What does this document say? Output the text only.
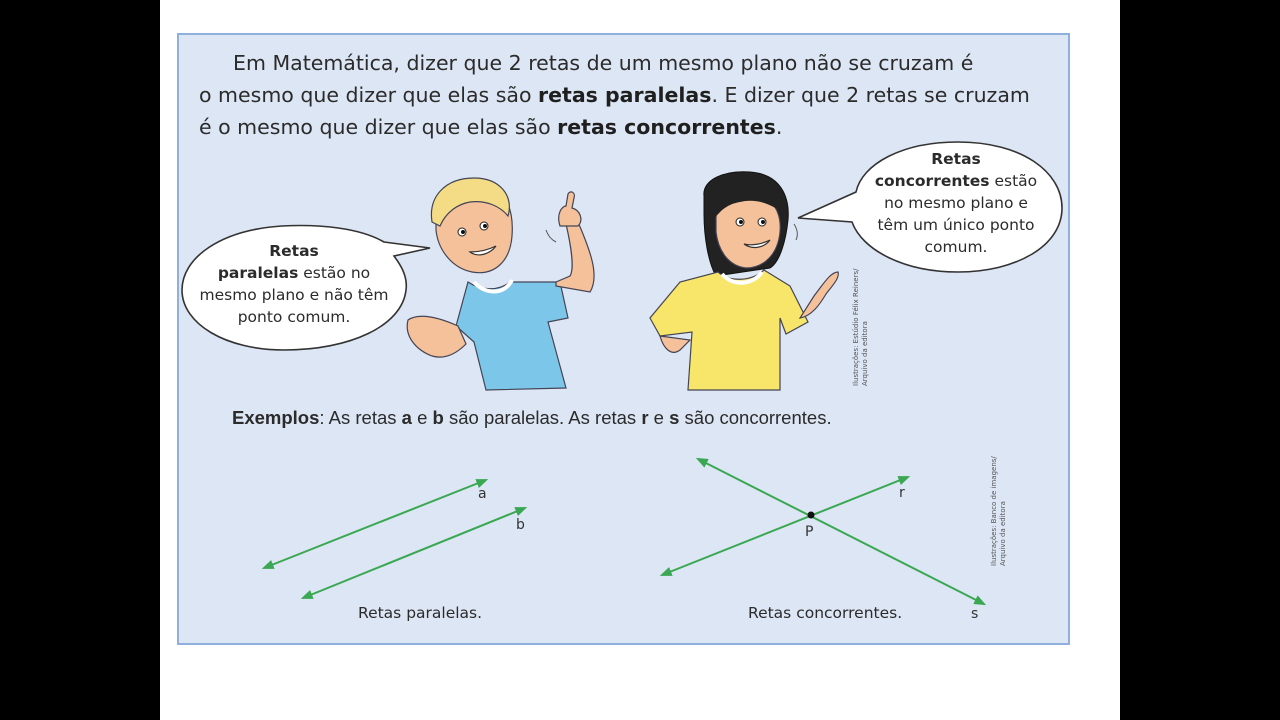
Em Matemática, dizer que 2 retas de um mesmo plano não se cruzam é
o mesmo que dizer que elas são retas paralelas. E dizer que 2 retas se cruzam
é o mesmo que dizer que elas são retas concorrentes.
Retas
paralelas estão no
mesmo plano e não têm
ponto comum.
Retas
concorrentes estão
no mesmo plano e
têm um único ponto
comum.
Ilustrações: Estúdio Félix Reiners/
Arquivo da editora
Ilustrações: Banco de imagens/
Arquivo da editora
Exemplos: As retas a e b são paralelas. As retas r e s são concorrentes.
a
b
Retas paralelas.
r
s
P
Retas concorrentes.
